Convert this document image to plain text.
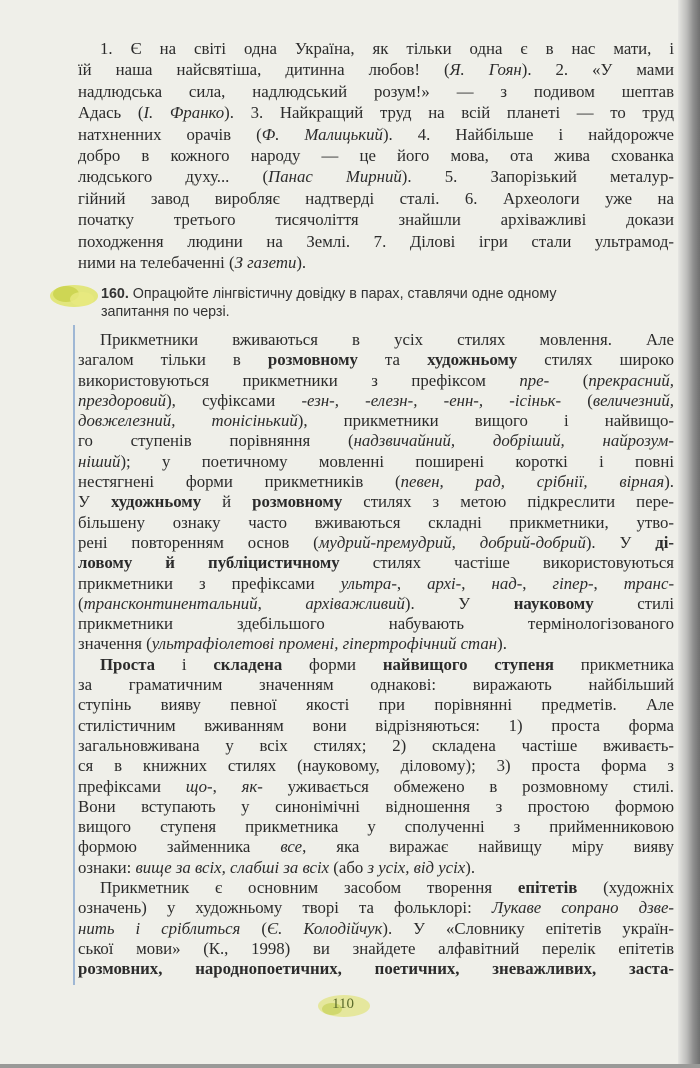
1. Є на світі одна Україна, як тільки одна є в нас мати, і
їй наша найсвятіша, дитинна любов! (Я. Гоян). 2. «У мами
надлюдська сила, надлюдський розум!» — з подивом шептав
Адась (І. Франко). 3. Найкращий труд на всій планеті — то труд
натхненних орачів (Ф. Малицький). 4. Найбільше і найдорожче
добро в кожного народу — це його мова, ота жива схованка
людського духу... (Панас Мирний). 5. Запорізький металур-
гійний завод виробляє надтверді сталі. 6. Археологи уже на
початку третього тисячоліття знайшли архіважливі докази
походження людини на Землі. 7. Ділові ігри стали ультрамод-
ними на телебаченні (З газети).
160. Опрацюйте лінгвістичну довідку в парах, ставлячи одне одному
запитання по черзі.
Прикметники вживаються в усіх стилях мовлення. Але
загалом тільки в розмовному та художньому стилях широко
використовуються прикметники з префіксом пре- (прекрасний,
прездоровий), суфіксами -езн-, -елезн-, -енн-, -ісіньк- (величезний,
довжелезний, тонісінький), прикметники вищого і найвищо-
го ступенів порівняння (надзвичайний, добріший, найрозум-
ніший); у поетичному мовленні поширені короткі і повні
нестягнені форми прикметників (певен, рад, срібнії, вірная).
У художньому й розмовному стилях з метою підкреслити пере-
більшену ознаку часто вживаються складні прикметники, утво-
рені повторенням основ (мудрий-премудрий, добрий-добрий). У ді-
ловому й публіцистичному стилях частіше використовуються
прикметники з префіксами ультра-, архі-, над-, гіпер-, транс-
(трансконтинентальний, архіважливий). У науковому стилі
прикметники здебільшого набувають термінологізованого
значення (ультрафіолетові промені, гіпертрофічний стан).
Проста і складена форми найвищого ступеня прикметника
за граматичним значенням однакові: виражають найбільший
ступінь вияву певної якості при порівнянні предметів. Але
стилістичним вживанням вони відрізняються: 1) проста форма
загальновживана у всіх стилях; 2) складена частіше вживаєть-
ся в книжних стилях (науковому, діловому); 3) проста форма з
префіксами що-, як- уживається обмежено в розмовному стилі.
Вони вступають у синонімічні відношення з простою формою
вищого ступеня прикметника у сполученні з прийменниковою
формою займенника все, яка виражає найвищу міру вияву
ознаки: вище за всіх, слабші за всіх (або з усіх, від усіх).
Прикметник є основним засобом творення епітетів (художніх
означень) у художньому творі та фольклорі: Лукаве сопрано дзве-
нить і сріблиться (Є. Колодійчук). У «Словнику епітетів україн-
ської мови» (К., 1998) ви знайдете алфавітний перелік епітетів
розмовних, народнопоетичних, поетичних, зневажливих, заста-
110
